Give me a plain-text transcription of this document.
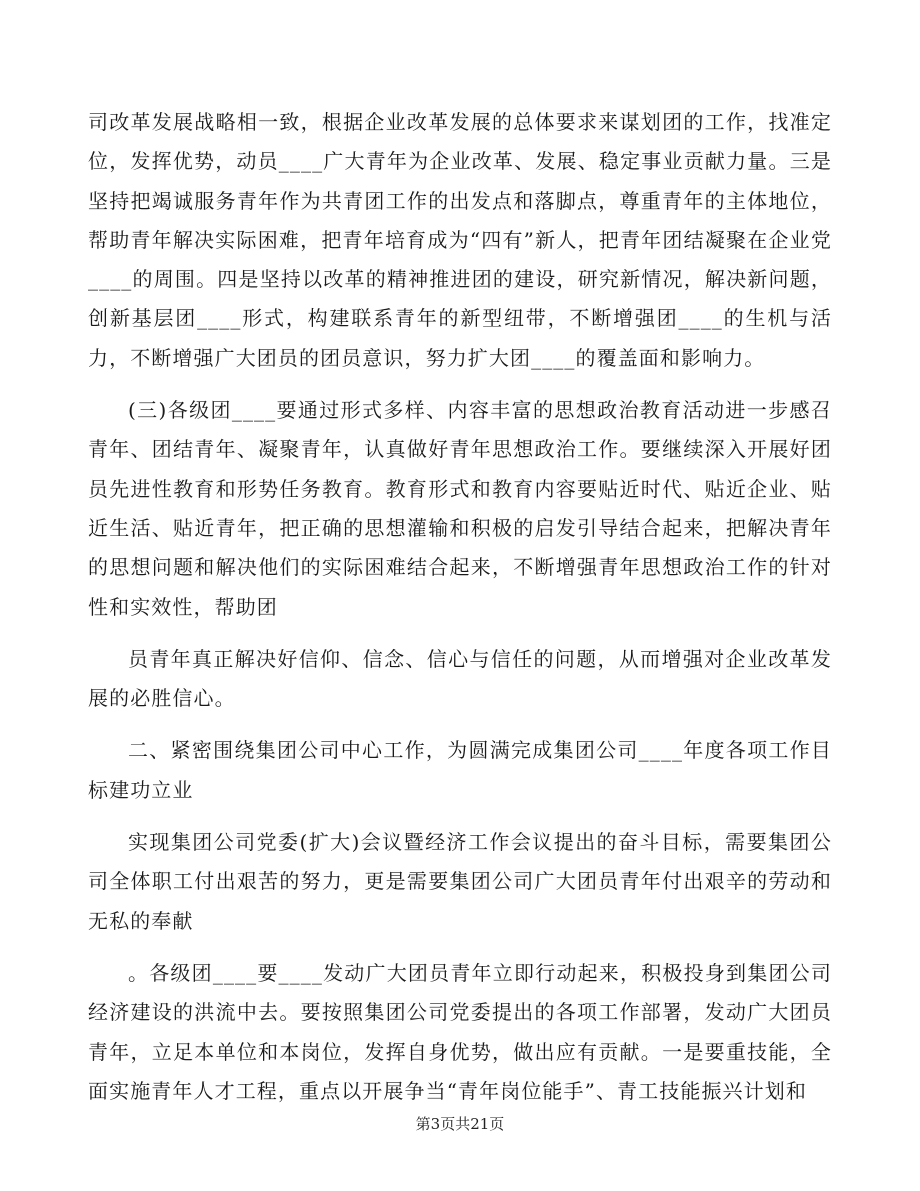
司改革发展战略相一致，根据企业改革发展的总体要求来谋划团的工作，找准定位，发挥优势，动员____广大青年为企业改革、发展、稳定事业贡献力量。三是坚持把竭诚服务青年作为共青团工作的出发点和落脚点，尊重青年的主体地位，帮助青年解决实际困难，把青年培育成为“四有”新人，把青年团结凝聚在企业党____的周围。四是坚持以改革的精神推进团的建设，研究新情况，解决新问题，创新基层团____形式，构建联系青年的新型纽带，不断增强团____的生机与活力，不断增强广大团员的团员意识，努力扩大团____的覆盖面和影响力。

(三)各级团____要通过形式多样、内容丰富的思想政治教育活动进一步感召青年、团结青年、凝聚青年，认真做好青年思想政治工作。要继续深入开展好团员先进性教育和形势任务教育。教育形式和教育内容要贴近时代、贴近企业、贴近生活、贴近青年，把正确的思想灌输和积极的启发引导结合起来，把解决青年的思想问题和解决他们的实际困难结合起来，不断增强青年思想政治工作的针对性和实效性，帮助团

员青年真正解决好信仰、信念、信心与信任的问题，从而增强对企业改革发展的必胜信心。

二、紧密围绕集团公司中心工作，为圆满完成集团公司____年度各项工作目标建功立业

实现集团公司党委(扩大)会议暨经济工作会议提出的奋斗目标，需要集团公司全体职工付出艰苦的努力，更是需要集团公司广大团员青年付出艰辛的劳动和无私的奉献

。各级团____要____发动广大团员青年立即行动起来，积极投身到集团公司经济建设的洪流中去。要按照集团公司党委提出的各项工作部署，发动广大团员青年，立足本单位和本岗位，发挥自身优势，做出应有贡献。一是要重技能，全面实施青年人才工程，重点以开展争当“青年岗位能手”、青工技能振兴计划和

第3页共21页
